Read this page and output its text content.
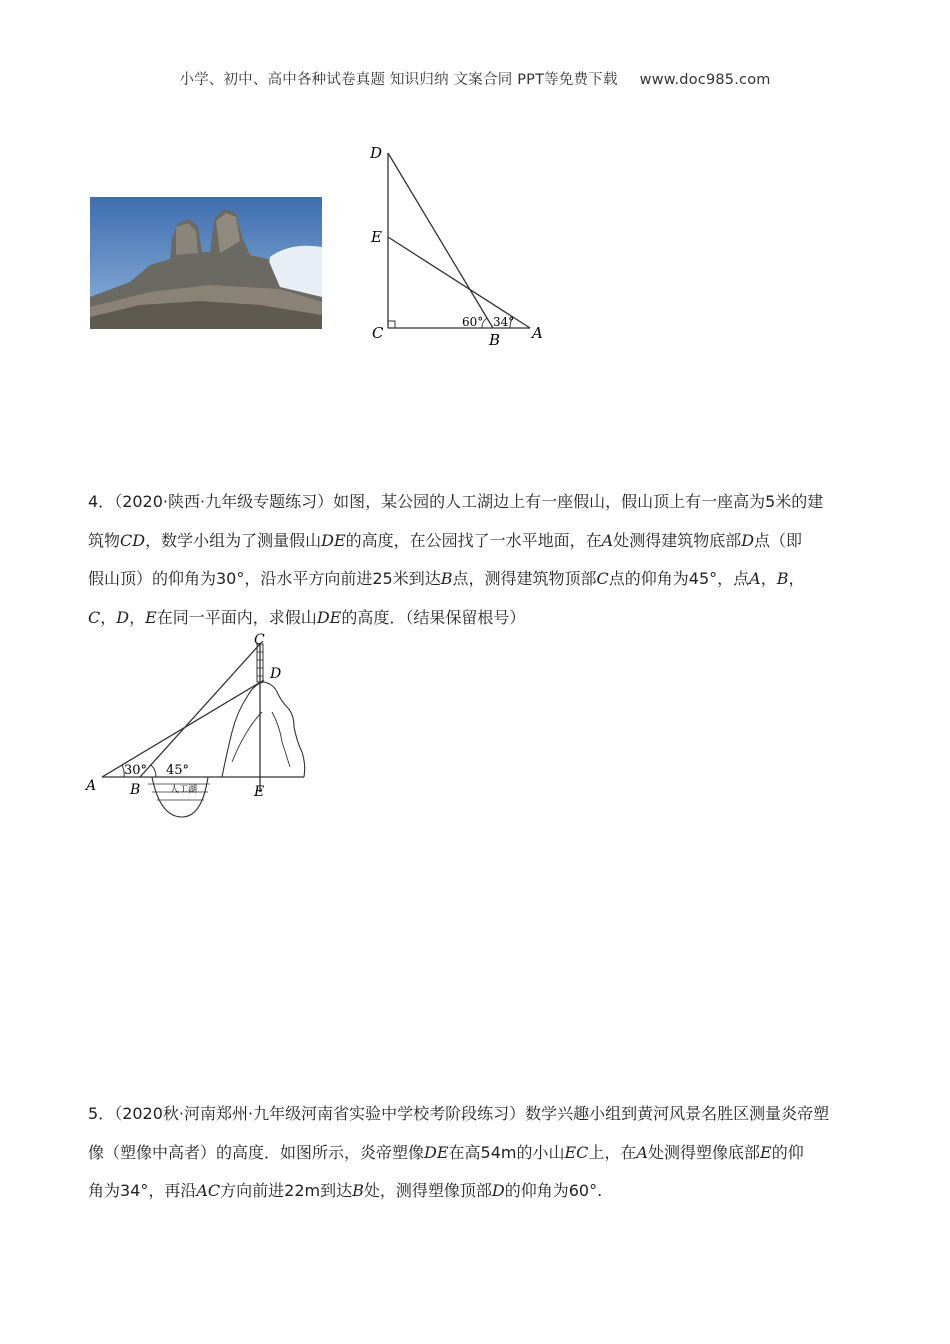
小学、初中、高中各种试卷真题 知识归纳 文案合同 PPT等免费下载 www.doc985.com
D
E
C	B A
60° 34°
4．（2020·陕西·九年级专题练习）如图，某公园的人工湖边上有一座假山，假山顶上有一座高为5米的建
筑物CD，数学小组为了测量假山DE的高度，在公园找了一水平地面，在A处测得建筑物底部D点（即
假山顶）的仰角为30°，沿水平方向前进25米到达B点，测得建筑物顶部C点的仰角为45°，点A，B，
C，D，E在同一平面内，求假山DE的高度．（结果保留根号）
C
D
A B	E
30° 45°
人工湖
5．（2020秋·河南郑州·九年级河南省实验中学校考阶段练习）数学兴趣小组到黄河风景名胜区测量炎帝塑
像（塑像中高者）的高度．如图所示，炎帝塑像DE在高54m的小山EC上，在A处测得塑像底部E的仰
角为34°，再沿AC方向前进22m到达B处，测得塑像顶部D的仰角为60°.
